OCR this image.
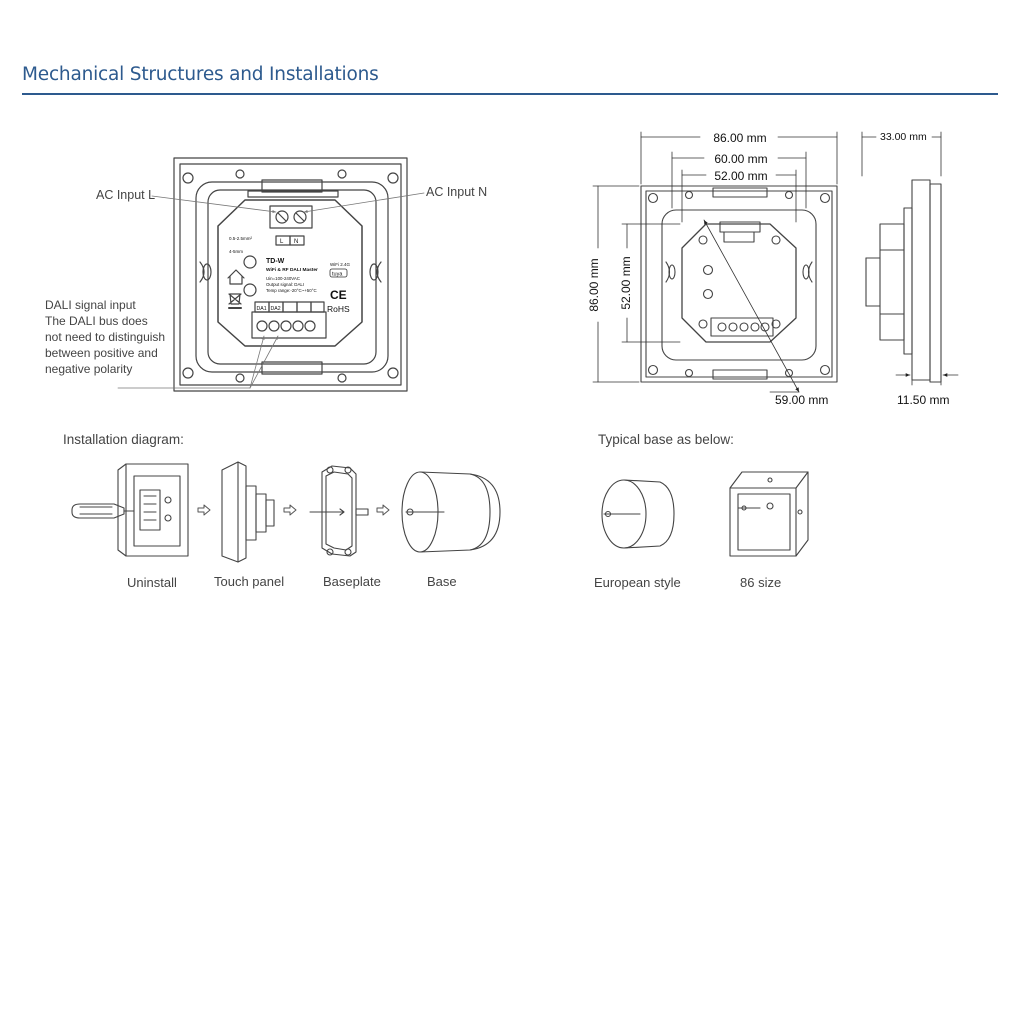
Mechanical Structures and Installations
AC Input L	AC Input N
DALI signal input
The DALI bus does
not need to distinguish
between positive and
negative polarity
0.5-2.5mm²
4-5mm
L N
TD-W
WiFi & RF DALI Master
Uin=100-240VAC
Output signal: DALI
Temp range:-20°C~+50°C
WiFi 2.4G
tuya
CE
RoHS
DA1 DA2
86.00 mm
60.00 mm
52.00 mm
86.00 mm 52.00 mm
59.00 mm
33.00 mm
11.50 mm
Installation diagram:
Uninstall	Touch panel	Baseplate	Base
Typical base as below:
European style	86 size
